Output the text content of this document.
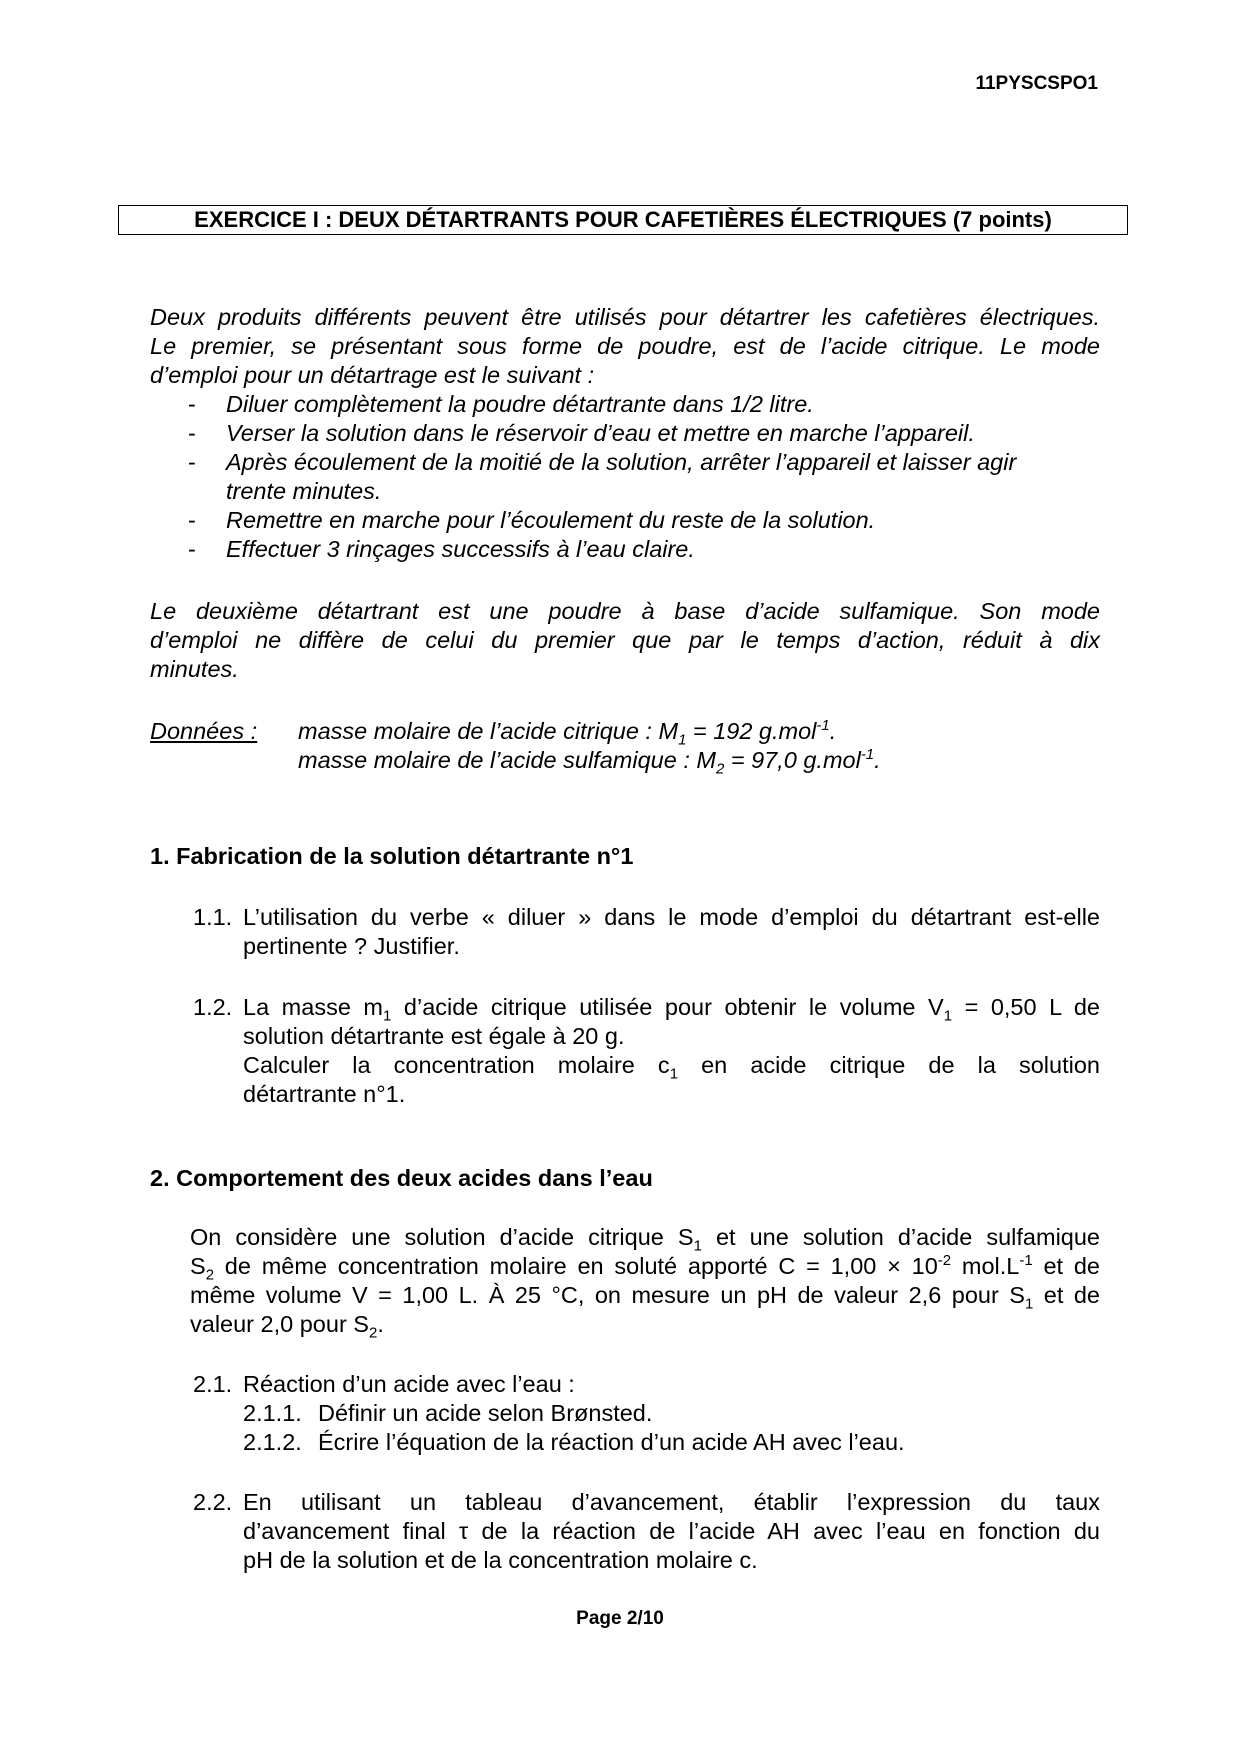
11PYSCSPO1
EXERCICE I : DEUX DÉTARTRANTS POUR CAFETIÈRES ÉLECTRIQUES (7 points)
Deux produits différents peuvent être utilisés pour détartrer les cafetières électriques.
Le premier, se présentant sous forme de poudre, est de l’acide citrique. Le mode
d’emploi pour un détartrage est le suivant :
- Diluer complètement la poudre détartrante dans 1/2 litre.
- Verser la solution dans le réservoir d’eau et mettre en marche l’appareil.
- Après écoulement de la moitié de la solution, arrêter l’appareil et laisser agir
trente minutes.
- Remettre en marche pour l’écoulement du reste de la solution.
- Effectuer 3 rinçages successifs à l’eau claire.
Le deuxième détartrant est une poudre à base d’acide sulfamique. Son mode
d’emploi ne diffère de celui du premier que par le temps d’action, réduit à dix
minutes.
Données : masse molaire de l’acide citrique : $M_1 = 192$ g.mol$^{-1}$.
masse molaire de l’acide sulfamique : $M_2 = 97,0$ g.mol$^{-1}$.
1. Fabrication de la solution détartrante n°1
1.1. L’utilisation du verbe « diluer » dans le mode d’emploi du détartrant est-elle
pertinente ? Justifier.
1.2. La masse $m_1$ d’acide citrique utilisée pour obtenir le volume $V_1 = 0,50$ L de
solution détartrante est égale à 20 g.
Calculer la concentration molaire $c_1$ en acide citrique de la solution
détartrante n°1.
2. Comportement des deux acides dans l’eau
On considère une solution d’acide citrique $S_1$ et une solution d’acide sulfamique
$S_2$ de même concentration molaire en soluté apporté $C = 1,00 \times 10^{-2}$ $mol.L^{-1}$ et de
même volume V = 1,00 L. À 25 °C, on mesure un pH de valeur 2,6 pour $S_1$ et de
valeur 2,0 pour $S_2$.
2.1. Réaction d’un acide avec l’eau :
2.1.1. Définir un acide selon Brønsted.
2.1.2. Écrire l’équation de la réaction d’un acide AH avec l’eau.
2.2. En utilisant un tableau d’avancement, établir l’expression du taux
d’avancement final τ de la réaction de l’acide AH avec l’eau en fonction du
pH de la solution et de la concentration molaire c.
Page 2/10
